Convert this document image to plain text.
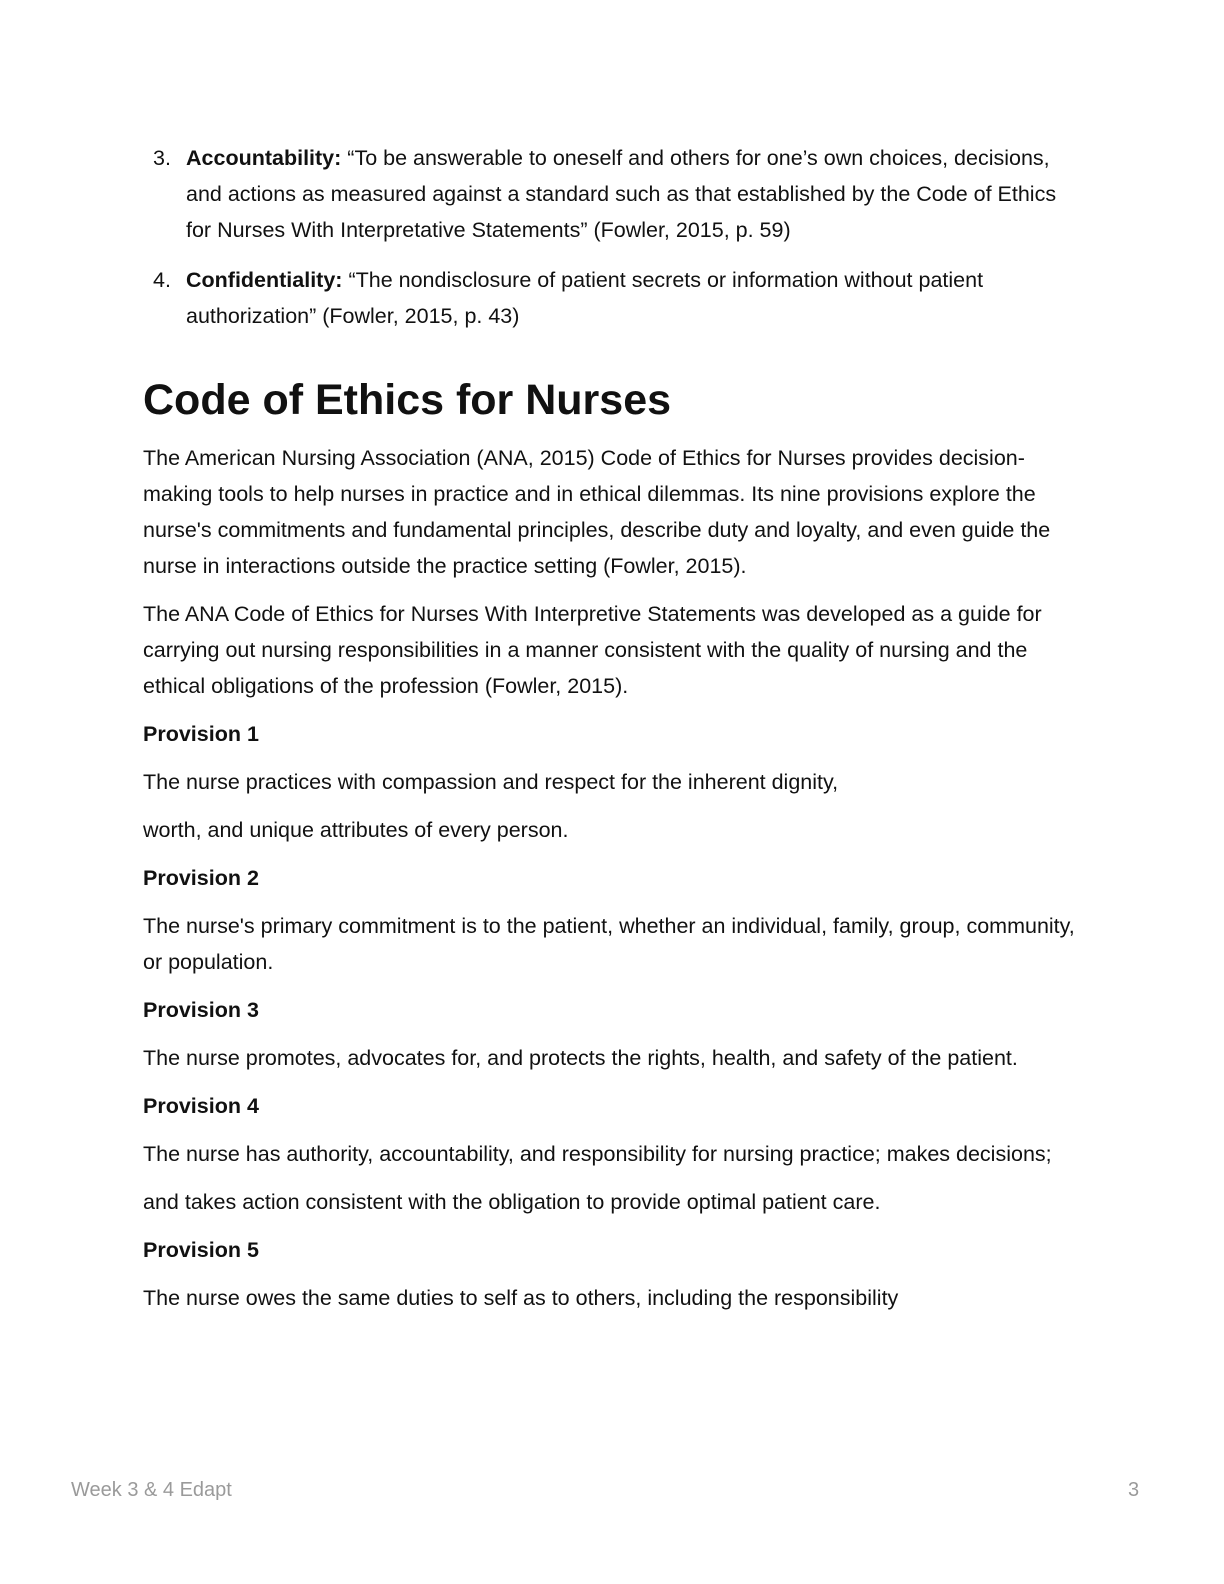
3. Accountability: “To be answerable to oneself and others for one’s own choices, decisions, and actions as measured against a standard such as that established by the Code of Ethics for Nurses With Interpretative Statements” (Fowler, 2015, p. 59)
4. Confidentiality: “The nondisclosure of patient secrets or information without patient authorization” (Fowler, 2015, p. 43)
Code of Ethics for Nurses

The American Nursing Association (ANA, 2015) Code of Ethics for Nurses provides decision-making tools to help nurses in practice and in ethical dilemmas. Its nine provisions explore the nurse's commitments and fundamental principles, describe duty and loyalty, and even guide the nurse in interactions outside the practice setting (Fowler, 2015).

The ANA Code of Ethics for Nurses With Interpretive Statements was developed as a guide for carrying out nursing responsibilities in a manner consistent with the quality of nursing and the ethical obligations of the profession (Fowler, 2015).

Provision 1

The nurse practices with compassion and respect for the inherent dignity,

worth, and unique attributes of every person.

Provision 2

The nurse's primary commitment is to the patient, whether an individual, family, group, community, or population.

Provision 3

The nurse promotes, advocates for, and protects the rights, health, and safety of the patient.

Provision 4

The nurse has authority, accountability, and responsibility for nursing practice; makes decisions;

and takes action consistent with the obligation to provide optimal patient care.

Provision 5

The nurse owes the same duties to self as to others, including the responsibility

Week 3 & 4 Edapt	3
